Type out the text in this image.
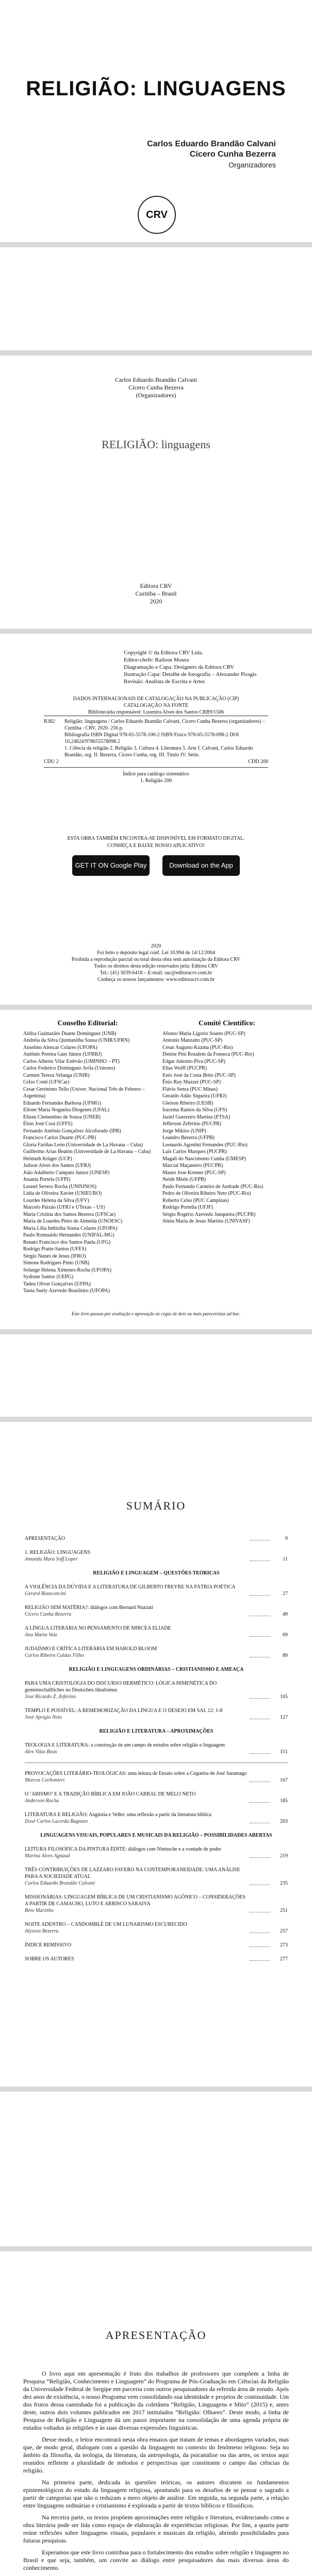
RELIGIÃO: LINGUAGENS
Carlos Eduardo Brandão Calvani
Cícero Cunha Bezerra
Organizadores
CRV
Carlos Eduardo Brandão Calvani
Cícero Cunha Bezerra
(Organizadores)
RELIGIÃO: linguagens
Editora CRV
Curitiba – Brasil
2020
Copyright © da Editora CRV Ltda.
Editor-chefe: Railson Moura
Diagramação e Capa: Designers da Editora CRV
Ilustração Capa: Detalhe de fotografia – Alexander Piragis
Revisão: Analista de Escrita e Artes
DADOS INTERNACIONAIS DE CATALOGAÇÃO NA PUBLICAÇÃO (CIP)
CATALOGAÇÃO NA FONTE
Bibliotecária responsável: Luzenira Alves dos Santos CRB9/1506
R382	Religião: linguagens / Carlos Eduardo Brandão Calvani, Cícero Cunha Bezerra (organizadores) – Curitiba : CRV, 2020. 256 p.
Bibliografia ISBN Digital 978-65-5578-100-2 ISBN Físico 978-65-5578-098-2 DOI 10.24824/978655578098.2
1. Ciência da religião 2. Religião 3. Cultura 4. Literatura 5. Arte I. Calvani, Carlos Eduardo Brandão, org. II. Bezerra, Cícero Cunha, org. III. Título IV. Série.
CDU 2	CDD 200
Índice para catálogo sistemático
1. Religião 200
ESTA OBRA TAMBÉM ENCONTRA-SE DISPONÍVEL EM FORMATO DIGITAL.
CONHEÇA E BAIXE NOSSO APLICATIVO!
GET IT ON Google Play	Download on the App Store
2020
Foi feito o depósito legal conf. Lei 10.994 de 14/12/2004
Proibida a reprodução parcial ou total desta obra sem autorização da Editora CRV
Todos os direitos desta edição reservados pela: Editora CRV
Tel.: (41) 3039-6418 – E-mail: sac@editoracrv.com.br
Conheça os nossos lançamentos: www.editoracrv.com.br
Conselho Editorial:
Aldira Guimarães Duarte Domínguez (UNB)
Andréia da Silva Quintanilha Sousa (UNIR/UFRN)
Anselmo Alencar Colares (UFOPA)
Antônio Pereira Gaio Júnior (UFRRJ)
Carlos Alberto Vilar Estêvão (UMINHO – PT)
Carlos Federico Dominguez Avila (Unieuro)
Carmen Tereza Velanga (UNIR)
Celso Conti (UFSCar)
Cesar Gerónimo Tello (Univer. Nacional Três de Febrero – Argentina)
Eduardo Fernandes Barbosa (UFMG)
Elione Maria Nogueira Diogenes (UFAL)
Elizeu Clementino de Souza (UNEB)
Élsio José Corá (UFFS)
Fernando Antônio Gonçalves Alcoforado (IPB)
Francisco Carlos Duarte (PUC-PR)
Gloria Fariñas León (Universidade de La Havana – Cuba)
Guillermo Arias Beatón (Universidade de La Havana – Cuba)
Helmuth Krüger (UCP)
Jailson Alves dos Santos (UFRJ)
João Adalberto Campato Junior (UNESP)
Josania Portela (UFPI)
Leonel Severo Rocha (UNISINOS)
Lídia de Oliveira Xavier (UNIEURO)
Lourdes Helena da Silva (UFV)
Marcelo Paixão (UFRJ e UTexas – US)
Maria Cristina dos Santos Bezerra (UFSCar)
Maria de Lourdes Pinto de Almeida (UNOESC)
Maria Lília Imbiriba Sousa Colares (UFOPA)
Paulo Romualdo Hernandes (UNIFAL-MG)
Renato Francisco dos Santos Paula (UFG)
Rodrigo Pratte-Santos (UFES)
Sérgio Nunes de Jesus (IFRO)
Simone Rodrigues Pinto (UNB)
Solange Helena Ximenes-Rocha (UFOPA)
Sydione Santos (UEPG)
Tadeu Oliver Gonçalves (UFPA)
Tania Suely Azevedo Brasileiro (UFOPA)
Comitê Científico:
Afonso Maria Ligorio Soares (PUC-SP)
Antonio Manzatto (PUC-SP)
Cesar Augusto Kuzma (PUC-Rio)
Denise Pini Rosalem da Fonseca (PUC-Rio)
Edgar Antonio Piva (PUC-SP)
Elias Wolff (PUCPR)
Enio José da Costa Brito (PUC-SP)
Ênio Ruy Mazzei (PUC-SP)
Flávio Senra (PUC Minas)
Geraldo Adão Siqueira (UFRJ)
Gleison Ribeiro (UESB)
Iracema Ramos da Silva (UFS)
Jaziel Guerreiro Martins (FTSA)
Jefferson Zeferino (PUCPR)
Jorge Miklos (UNIP)
Leandro Bezerra (UFPB)
Leonardo Agostini Fernandes (PUC-Rio)
Luis Carlos Marques (PUCPR)
Magali do Nascimento Cunha (UMESP)
Marcial Maçaneiro (PUCPR)
Mauro Jose Kremer (PUC-SP)
Neide Miele (UFPB)
Paulo Fernando Carneiro de Andrade (PUC-Rio)
Pedro de Oliveira Ribeiro Neto (PUC-Rio)
Roberto Celso (PUC Campinas)
Rodrigo Portella (UFJF)
Sérgio Rogério Azevedo Junqueira (PUCPR)
Sônia Maria de Jesus Martins (UNIVASF)
Este livro passou por avaliação e aprovação às cegas de dois ou mais pareceristas ad hoc.
SUMÁRIO
APRESENTAÇÃO	9
1. RELIGIÃO: LINGUAGENS
Amanda Mara Soff Loper	11
RELIGIÃO E LINGUAGEM – QUESTÕES TEÓRICAS
A VIOLÊNCIA DA DÚVIDA E A LITERATURA DE GILBERTO FREYRE NA PÁTRIA POÉTICA
Gerard Bianconcini	27
RELIGIÃO SEM MATÉRIA?: diálogos com Bernard Nuzzati
Cícero Cunha Bezerra	49
A LÍNGUA LITERÁRIA NO PENSAMENTO DE MIRCEA ELIADE
Ana Marta Vaiz	69
JUDAÍSMO E CRÍTICA LITERÁRIA EM HAROLD BLOOM
Carlos Ribeiro Caldas Filho	89
RELIGIÃO E LINGUAGENS ORDINÁRIAS – CRISTIANISMO E AMEAÇA
PARA UMA CRISTOLOGIA DO DISCURSO HERMÉTICO: LÓGICA HIMENÉTICA DO gemeinschaftliches no Deutschen Idealismus
José Ricardo Z. Zeferino	105
TEMPLO E POSSÍVEL: A REMEMORIZAÇÃO DA LÍNGUA E O DESEJO EM SAL 12: 1-8
José Aprígio Neto	127
RELIGIÃO E LITERATURA – APROXIMAÇÕES
TEOLOGIA E LITERATURA: a construção de um campo de estudos sobre religião e linguagem
Alex Vilas Boas	151
PROVOCAÇÕES LITERÁRIO-TEOLÓGICAS: uma leitura de Ensaio sobre a Cegueira de José Saramago
Marcos Carbonieri	167
O ‘ABISMO’ E A TRADIÇÃO BÍBLICA EM JOÃO CABRAL DE MELO NETO
Anderson Rocha	185
LITERATURA E RELIGIÃO: Angústia e Velho: uma reflexão a partir da literatura bíblica
Dosé Carlos Lacerda Bagnato	203
LINGUAGENS VISUAIS, POPULARES E MUSICAIS DA RELIGIÃO – POSSIBILIDADES ABERTAS
LEITURA FILOSÓFICA DA PINTURA ÉDITE: diálogos com Nietzsche e a vontade de poder
Marina Alves Agnaud	219
TRÊS CONTRIBUIÇÕES DE LAZZARO FAVERO NA CONTEMPORANEIDADE: UMA ANÁLISE PARA A SOCIEDADE ATUAL
Carlos Eduardo Brandão Calvani	235
MISSIONÁRIAS: LINGUAGEM BÍBLICA DE UM CRISTIANISMO AGÔNICO – CONSIDERAÇÕES A PARTIR DE CAMACHO, LUTO E ARRISCO SARAIVA
Beto Marinho	251
NOITE ADENTRO – CANDOMBLÉ DE UM LUNARISMO ESCURECIDO
Alysson Bezerra	257
ÍNDICE REMISSIVO	273
SOBRE OS AUTORES	277
APRESENTAÇÃO

O livro aqui em apresentação é fruto dos trabalhos de professores que compõem a linha de Pesquisa “Religião, Conhecimento e Linguagem” do Programa de Pós-Graduação em Ciências da Religião da Universidade Federal de Sergipe em parceria com outros pesquisadores da referida área de estudo. Após dez anos de existência, o nosso Programa vem consolidando sua identidade e projetos de continuidade. Um dos frutos dessa caminhada foi a publicação da coletânea “Religião, Linguagens e Mito” (2015) e, antes deste, outros dois volumes publicados em 2017 intitulados “Religião: Olhares”. Deste modo, a linha de Pesquisa de Religião e Linguagem dá um passo importante na consolidação de uma agenda própria de estudos voltados às religiões e às suas diversas expressões linguísticas.

Desse modo, o leitor encontrará nesta obra ensaios que tratam de temas e abordagens variados, mas que, de modo geral, dialogam com a questão da linguagem no contexto do fenômeno religioso. Seja no âmbito da filosofia, da teologia, da literatura, da antropologia, da psicanálise ou das artes, os textos aqui reunidos refletem a pluralidade de métodos e perspectivas que constituem o campo das ciências da religião.

Na primeira parte, dedicada às questões teóricas, os autores discutem os fundamentos epistemológicos do estudo da linguagem religiosa, apontando para os desafios de se pensar o sagrado a partir de categorias que não o reduzam a mero objeto de análise. Em seguida, na segunda parte, a relação entre linguagens ordinárias e cristianismo é explorada a partir de textos bíblicos e filosóficos.

Na terceira parte, os textos propõem aproximações entre religião e literatura, evidenciando como a obra literária pode ser lida como espaço de elaboração de experiências religiosas. Por fim, a quarta parte reúne reflexões sobre linguagens visuais, populares e musicais da religião, abrindo possibilidades para futuras pesquisas.

Esperamos que este livro contribua para o fortalecimento dos estudos sobre religião e linguagem no Brasil e que seja, também, um convite ao diálogo entre pesquisadores das mais diversas áreas do conhecimento.
